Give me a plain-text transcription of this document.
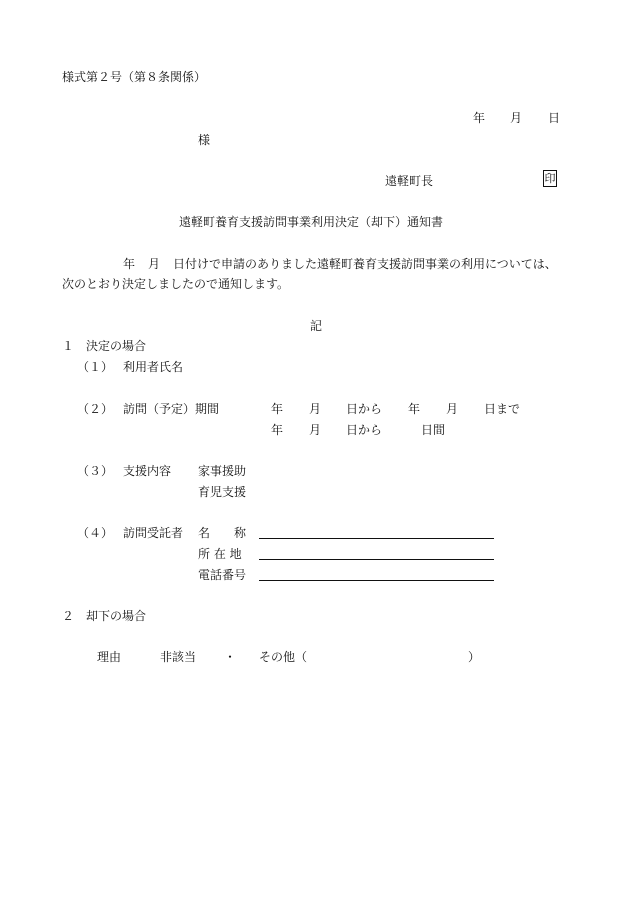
様式第２号（第８条関係）
年 月 日
様
遠軽町長	印
遠軽町養育支援訪問事業利用決定（却下）通知書
年 月 日付けで申請のありました遠軽町養育支援訪問事業の利用については、
次のとおり決定しましたので通知します。
記
１　決定の場合
（１） 利用者氏名
（２） 訪問（予定）期間	年 月 日から 年 月 日まで
年 月 日から	日間
（３） 支援内容 家事援助
育児支援
（４） 訪問受託者 名　　称
所 在 地
電話番号
２　却下の場合
理由	非該当 ・ その他（	）
